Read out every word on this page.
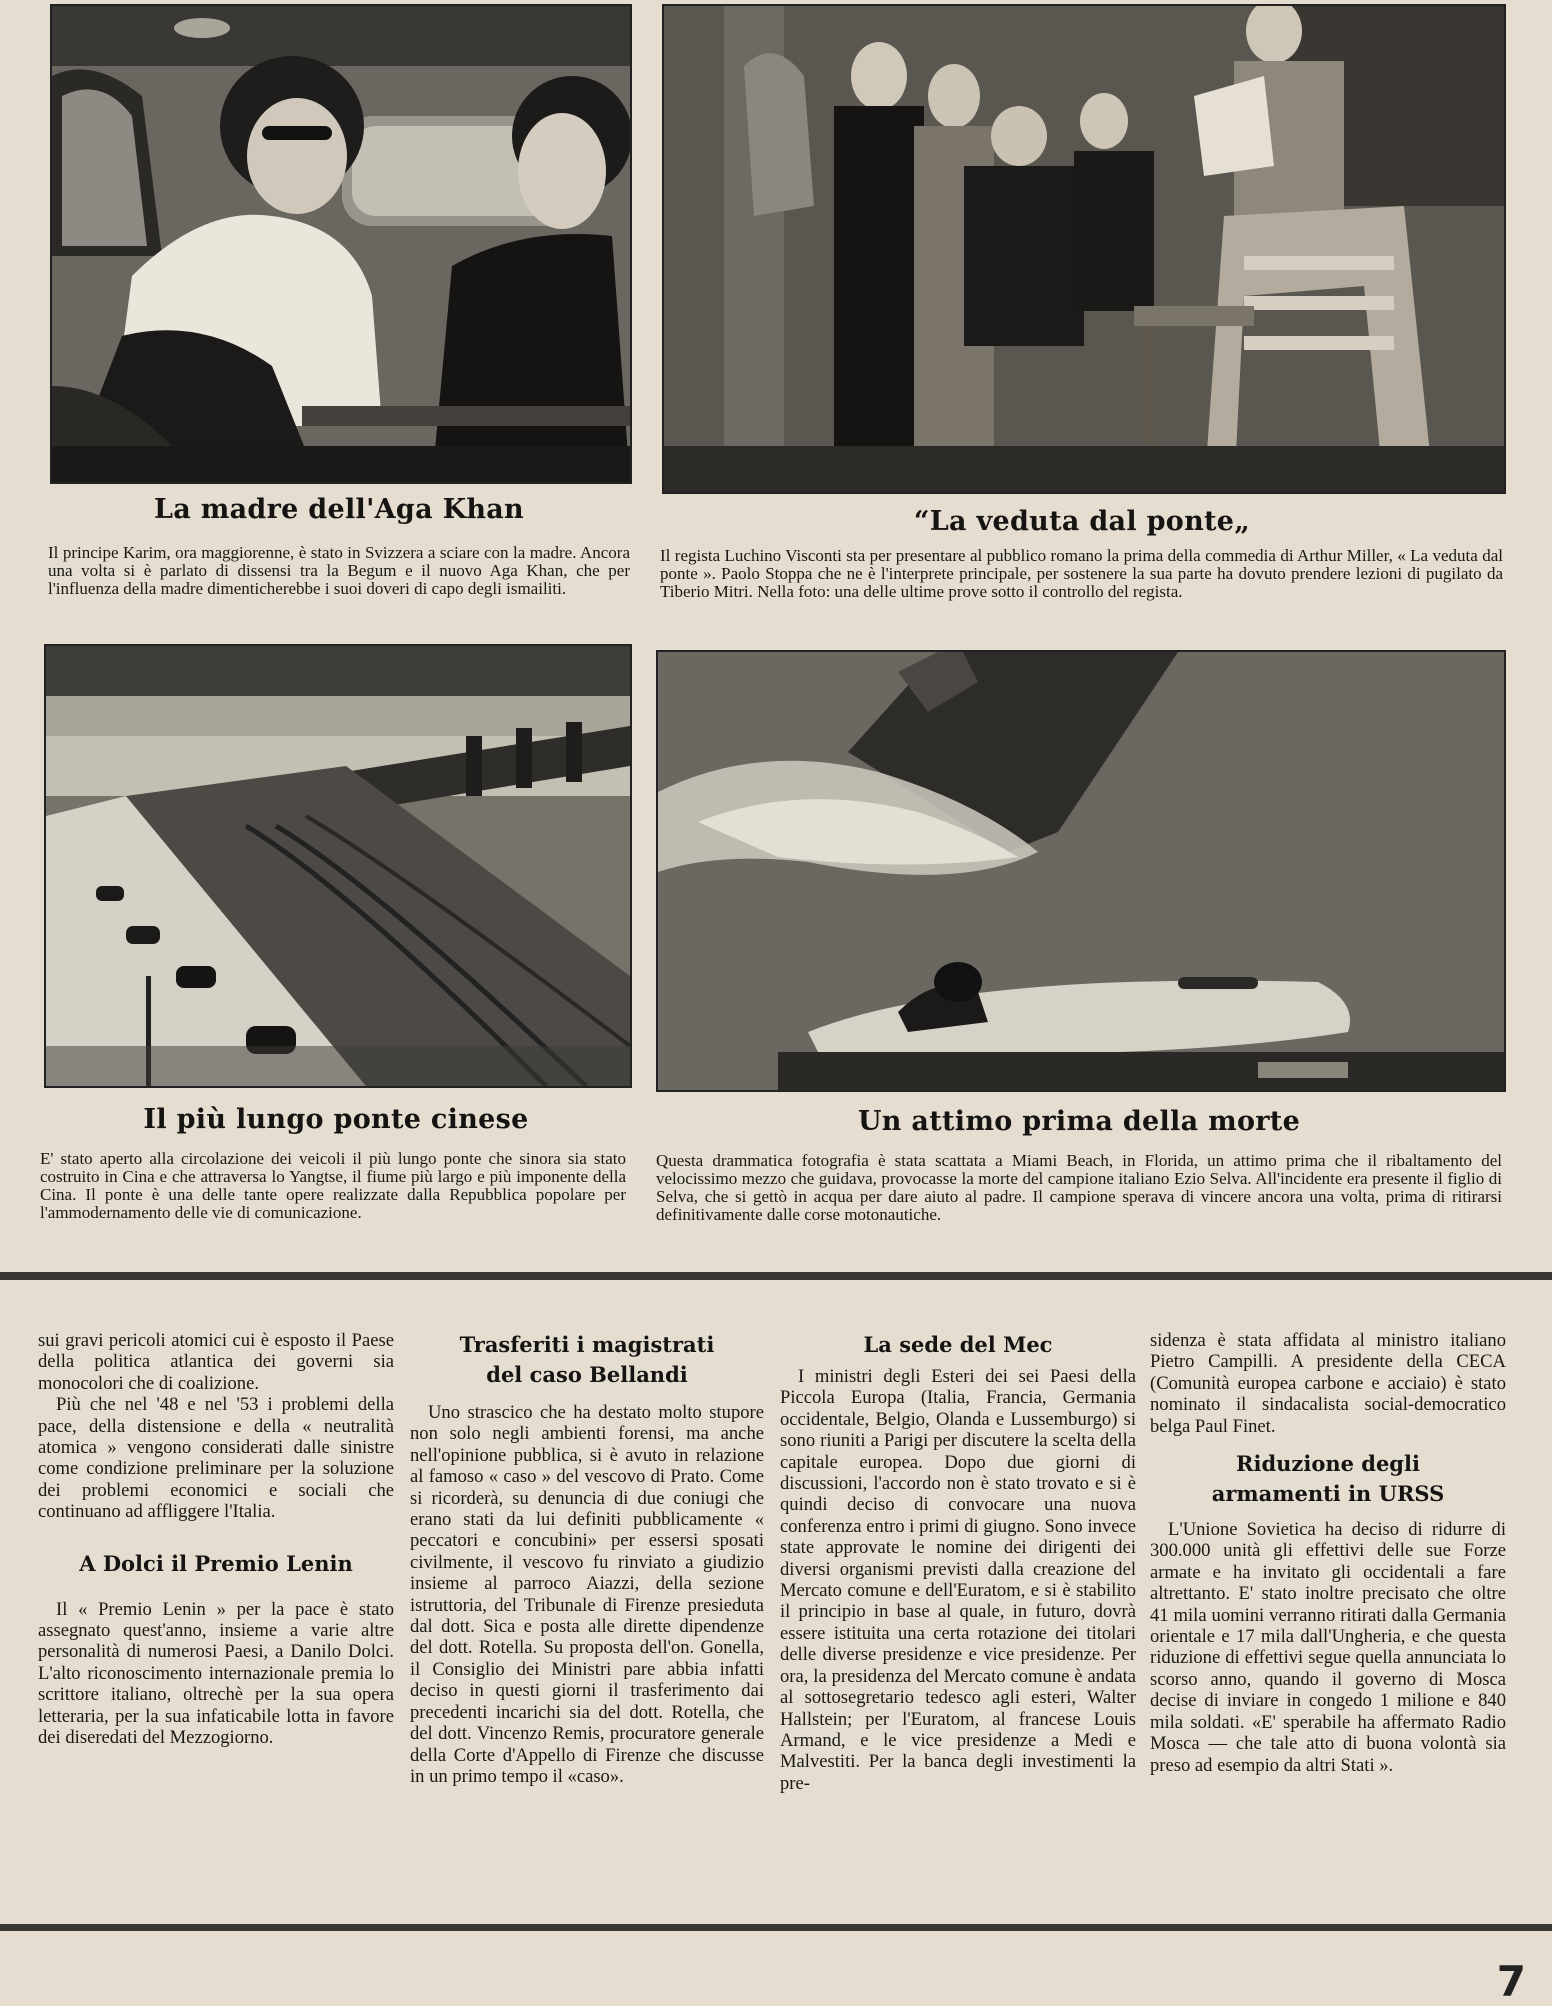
La madre dell'Aga Khan

Il principe Karim, ora maggiorenne, è stato in Svizzera a sciare con la madre. Ancora una volta si è parlato di dissensi tra la Begum e il nuovo Aga Khan, che per l'influenza della madre dimenticherebbe i suoi doveri di capo degli ismailiti.

“La veduta dal ponte„

Il regista Luchino Visconti sta per presentare al pubblico romano la prima della commedia di Arthur Miller, « La veduta dal ponte ». Paolo Stoppa che ne è l'interprete principale, per sostenere la sua parte ha dovuto prendere lezioni di pugilato da Tiberio Mitri. Nella foto: una delle ultime prove sotto il controllo del regista.

Il più lungo ponte cinese

E' stato aperto alla circolazione dei veicoli il più lungo ponte che sinora sia stato costruito in Cina e che attraversa lo Yangtse, il fiume più largo e più imponente della Cina. Il ponte è una delle tante opere realizzate dalla Repubblica popolare per l'ammodernamento delle vie di comunicazione.

Un attimo prima della morte

Questa drammatica fotografia è stata scattata a Miami Beach, in Florida, un attimo prima che il ribaltamento del velocissimo mezzo che guidava, provocasse la morte del campione italiano Ezio Selva. All'incidente era presente il figlio di Selva, che si gettò in acqua per dare aiuto al padre. Il campione sperava di vincere ancora una volta, prima di ritirarsi definitivamente dalle corse motonautiche.

sui gravi pericoli atomici cui è esposto il Paese della politica atlantica dei governi sia monocolori che di coalizione.

Più che nel '48 e nel '53 i problemi della pace, della distensione e della « neutralità atomica » vengono considerati dalle sinistre come condizione preliminare per la soluzione dei problemi economici e sociali che continuano ad affliggere l'Italia.

A Dolci il Premio Lenin

Il « Premio Lenin » per la pace è stato assegnato quest'anno, insieme a varie altre personalità di numerosi Paesi, a Danilo Dolci. L'alto riconoscimento internazionale premia lo scrittore italiano, oltrechè per la sua opera letteraria, per la sua infaticabile lotta in favore dei diseredati del Mezzogiorno.

Trasferiti i magistrati del caso Bellandi

Uno strascico che ha destato molto stupore non solo negli ambienti forensi, ma anche nell'opinione pubblica, si è avuto in relazione al famoso « caso » del vescovo di Prato. Come si ricorderà, su denuncia di due coniugi che erano stati da lui definiti pubblicamente « peccatori e concubini» per essersi sposati civilmente, il vescovo fu rinviato a giudizio insieme al parroco Aiazzi, della sezione istruttoria, del Tribunale di Firenze presieduta dal dott. Sica e posta alle dirette dipendenze del dott. Rotella. Su proposta dell'on. Gonella, il Consiglio dei Ministri pare abbia infatti deciso in questi giorni il trasferimento dai precedenti incarichi sia del dott. Rotella, che del dott. Vincenzo Remis, procuratore generale della Corte d'Appello di Firenze che discusse in un primo tempo il «caso».

La sede del Mec

I ministri degli Esteri dei sei Paesi della Piccola Europa (Italia, Francia, Germania occidentale, Belgio, Olanda e Lussemburgo) si sono riuniti a Parigi per discutere la scelta della capitale europea. Dopo due giorni di discussioni, l'accordo non è stato trovato e si è quindi deciso di convocare una nuova conferenza entro i primi di giugno. Sono invece state approvate le nomine dei dirigenti dei diversi organismi previsti dalla creazione del Mercato comune e dell'Euratom, e si è stabilito il principio in base al quale, in futuro, dovrà essere istituita una certa rotazione dei titolari delle diverse presidenze e vice presidenze. Per ora, la presidenza del Mercato comune è andata al sottosegretario tedesco agli esteri, Walter Hallstein; per l'Euratom, al francese Louis Armand, e le vice presidenze a Medi e Malvestiti. Per la banca degli investimenti la pre-

sidenza è stata affidata al ministro italiano Pietro Campilli. A presidente della CECA (Comunità europea carbone e acciaio) è stato nominato il sindacalista social-democratico belga Paul Finet.

Riduzione degli armamenti in URSS

L'Unione Sovietica ha deciso di ridurre di 300.000 unità gli effettivi delle sue Forze armate e ha invitato gli occidentali a fare altrettanto. E' stato inoltre precisato che oltre 41 mila uomini verranno ritirati dalla Germania orientale e 17 mila dall'Ungheria, e che questa riduzione di effettivi segue quella annunciata lo scorso anno, quando il governo di Mosca decise di inviare in congedo 1 milione e 840 mila soldati. «E' sperabile ha affermato Radio Mosca — che tale atto di buona volontà sia preso ad esempio da altri Stati ».

7
